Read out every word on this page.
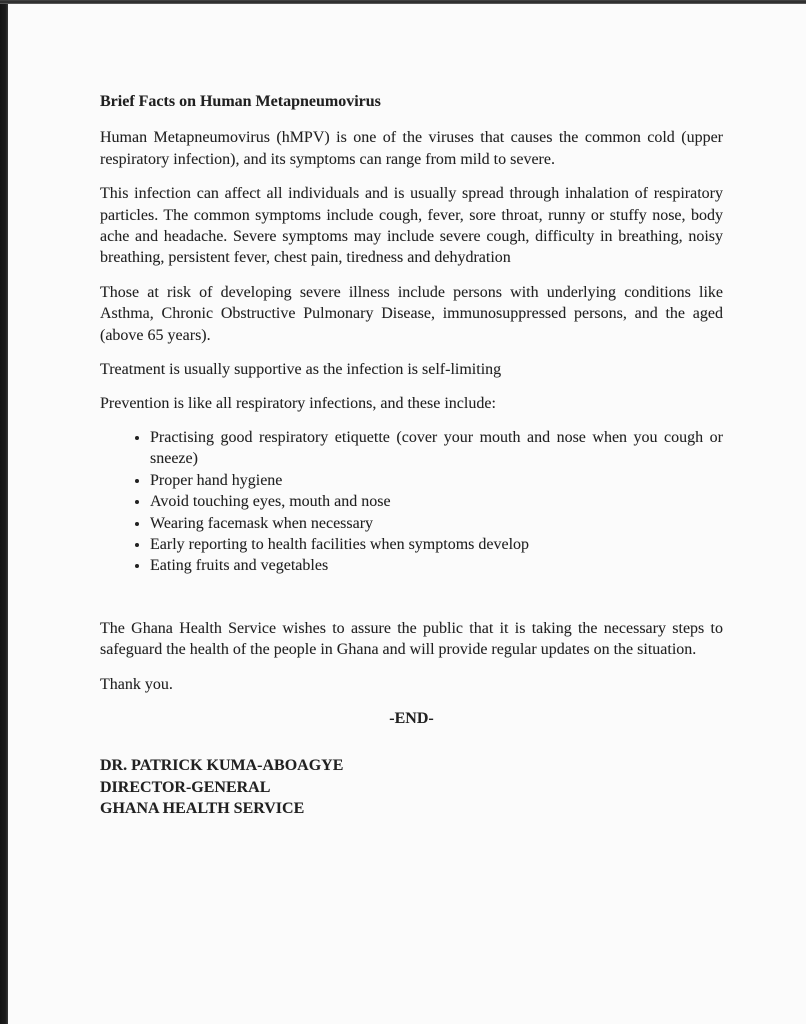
Brief Facts on Human Metapneumovirus

Human Metapneumovirus (hMPV) is one of the viruses that causes the common cold (upper respiratory infection), and its symptoms can range from mild to severe.

This infection can affect all individuals and is usually spread through inhalation of respiratory particles. The common symptoms include cough, fever, sore throat, runny or stuffy nose, body ache and headache. Severe symptoms may include severe cough, difficulty in breathing, noisy breathing, persistent fever, chest pain, tiredness and dehydration

Those at risk of developing severe illness include persons with underlying conditions like Asthma, Chronic Obstructive Pulmonary Disease, immunosuppressed persons, and the aged (above 65 years).

Treatment is usually supportive as the infection is self-limiting

Prevention is like all respiratory infections, and these include:

• Practising good respiratory etiquette (cover your mouth and nose when you cough or sneeze)
• Proper hand hygiene
• Avoid touching eyes, mouth and nose
• Wearing facemask when necessary
• Early reporting to health facilities when symptoms develop
• Eating fruits and vegetables

The Ghana Health Service wishes to assure the public that it is taking the necessary steps to safeguard the health of the people in Ghana and will provide regular updates on the situation.

Thank you.

-END-

DR. PATRICK KUMA-ABOAGYE
DIRECTOR-GENERAL
GHANA HEALTH SERVICE
